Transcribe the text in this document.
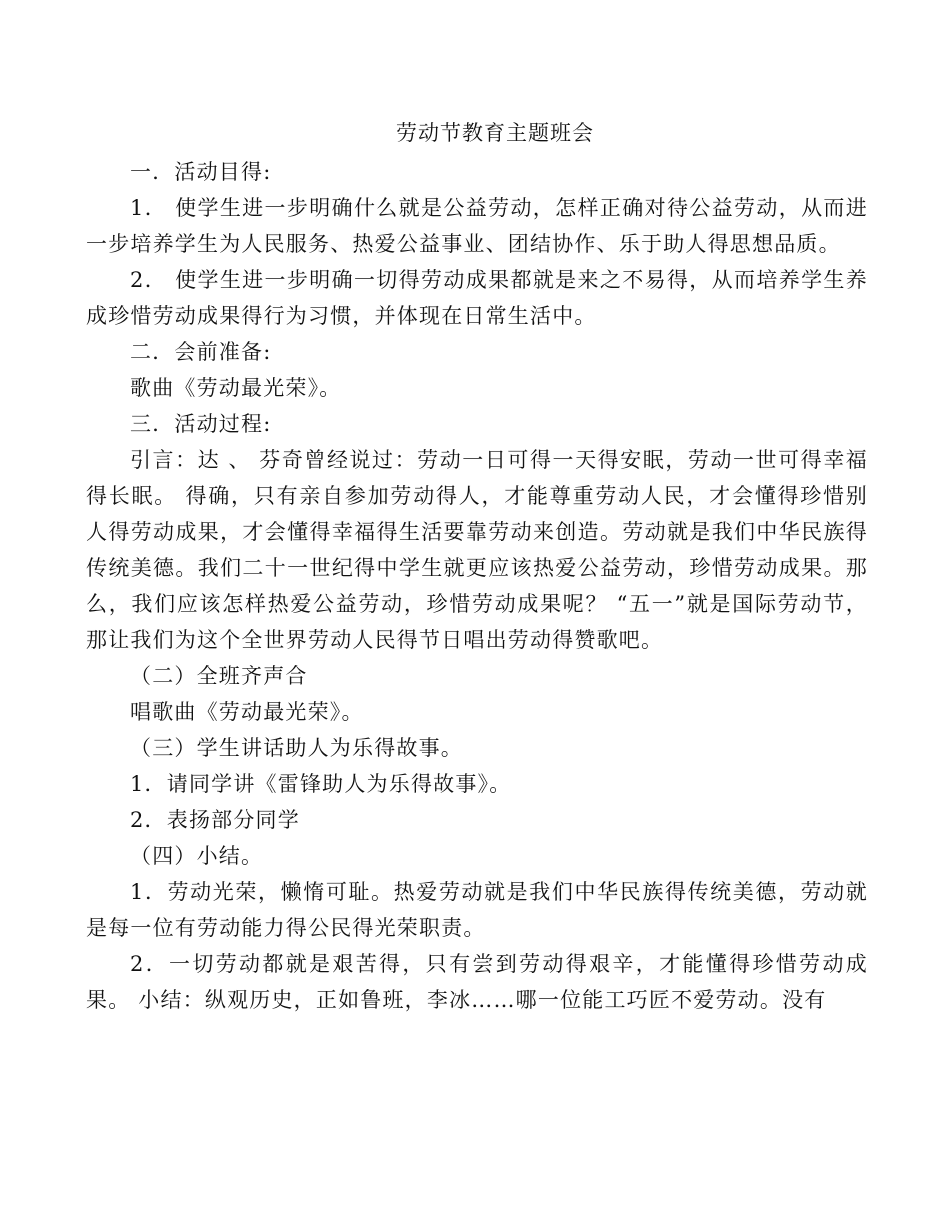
劳动节教育主题班会

一．活动目得:

1． 使学生进一步明确什么就是公益劳动，怎样正确对待公益劳动，从而进一步培养学生为人民服务、热爱公益事业、团结协作、乐于助人得思想品质。

2． 使学生进一步明确一切得劳动成果都就是来之不易得，从而培养学生养成珍惜劳动成果得行为习惯，并体现在日常生活中。

二．会前准备:

歌曲《劳动最光荣》。

三．活动过程:

引言：达 、 芬奇曾经说过：劳动一日可得一天得安眠，劳动一世可得幸福得长眠。 得确，只有亲自参加劳动得人，才能尊重劳动人民，才会懂得珍惜别人得劳动成果，才会懂得幸福得生活要靠劳动来创造。劳动就是我们中华民族得传统美德。我们二十一世纪得中学生就更应该热爱公益劳动，珍惜劳动成果。那么，我们应该怎样热爱公益劳动，珍惜劳动成果呢？ “五一”就是国际劳动节，那让我们为这个全世界劳动人民得节日唱出劳动得赞歌吧。

（二）全班齐声合

唱歌曲《劳动最光荣》。

（三）学生讲话助人为乐得故事。

1．请同学讲《雷锋助人为乐得故事》。

2．表扬部分同学

（四）小结。

1．劳动光荣，懒惰可耻。热爱劳动就是我们中华民族得传统美德，劳动就是每一位有劳动能力得公民得光荣职责。

2．一切劳动都就是艰苦得，只有尝到劳动得艰辛，才能懂得珍惜劳动成果。 小结：纵观历史，正如鲁班，李冰……哪一位能工巧匠不爱劳动。没有
